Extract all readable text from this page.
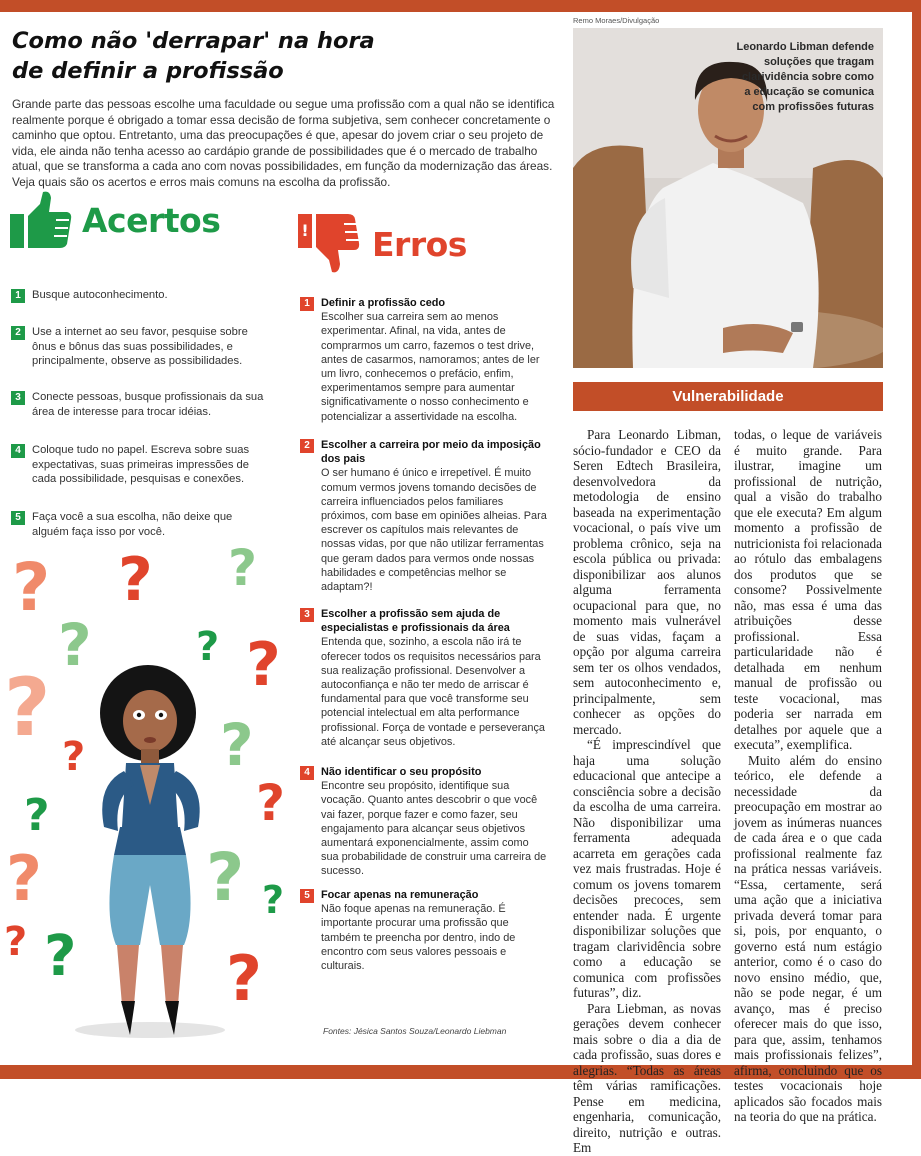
Como não 'derrapar' na hora
de definir a profissão

Grande parte das pessoas escolhe uma faculdade ou segue uma profissão com a qual não se identifica realmente porque é obrigado a tomar essa decisão de forma subjetiva, sem conhecer concretamente o caminho que optou. Entretanto, uma das preocupações é que, apesar do jovem criar o seu projeto de vida, ele ainda não tenha acesso ao cardápio grande de possibilidades que é o mercado de trabalho atual, que se transforma a cada ano com novas possibilidades, em função da modernização das áreas. Veja quais são os acertos e erros mais comuns na escolha da profissão.

Acertos
1	Busque autoconhecimento.
2	Use a internet ao seu favor, pesquise sobre ônus e bônus das suas possibilidades, e principalmente, observe as possibilidades.
3	Conecte pessoas, busque profissionais da sua área de interesse para trocar idéias.
4	Coloque tudo no papel. Escreva sobre suas expectativas, suas primeiras impressões de cada possibilidade, pesquisas e conexões.
5	Faça você a sua escolha, não deixe que alguém faça isso por você.
! Erros
1	Definir a profissão cedo
Escolher sua carreira sem ao menos experimentar. Afinal, na vida, antes de comprarmos um carro, fazemos o test drive, antes de casarmos, namoramos; antes de ler um livro, conhecemos o prefácio, enfim, experimentamos sempre para aumentar significativamente o nosso conhecimento e potencializar a assertividade na escolha.
2	Escolher a carreira por meio da imposição dos pais
O ser humano é único e irrepetível. É muito comum vermos jovens tomando decisões de carreira influenciados pelos familiares próximos, com base em opiniões alheias. Para escrever os capítulos mais relevantes de nossas vidas, por que não utilizar ferramentas que geram dados para vermos onde nossas habilidades e competências melhor se adaptam?!
3	Escolher a profissão sem ajuda de especialistas e profissionais da área
Entenda que, sozinho, a escola não irá te oferecer todos os requisitos necessários para sua realização profissional. Desenvolver a autoconfiança e não ter medo de arriscar é fundamental para que você transforme seu potencial intelectual em alta performance profissional. Força de vontade e perseverança até alcançar seus objetivos.
4	Não identificar o seu propósito
Encontre seu propósito, identifique sua vocação. Quanto antes descobrir o que você vai fazer, porque fazer e como fazer, seu engajamento para alcançar seus objetivos aumentará exponencialmente, assim como sua probabilidade de construir uma carreira de sucesso.
5	Focar apenas na remuneração
Não foque apenas na remuneração. É importante procurar uma profissão que também te preencha por dentro, indo de encontro com seus valores pessoais e culturais.
Fontes: Jésica Santos Souza/Leonardo Liebman
? ? ?
?	? ?
?	?
?
?	?
? ? ?
? ? ?
Remo Moraes/Divulgação

Leonardo Libman defende soluções que tragam clarividência sobre como a educação se comunica com profissões futuras

Vulnerabilidade

Para Leonardo Libman, sócio-fundador e CEO da Seren Edtech Brasileira, desenvolvedora da metodologia de ensino baseada na experimentação vocacional, o país vive um problema crônico, seja na escola pública ou privada: disponibilizar aos alunos alguma ferramenta ocupacional para que, no momento mais vulnerável de suas vidas, façam a opção por alguma carreira sem ter os olhos vendados, sem autoconhecimento e, principalmente, sem conhecer as opções do mercado.

“É imprescindível que haja uma solução educacional que antecipe a consciência sobre a decisão da escolha de uma carreira. Não disponibilizar uma ferramenta adequada acarreta em gerações cada vez mais frustradas. Hoje é comum os jovens tomarem decisões precoces, sem entender nada. É urgente disponibilizar soluções que tragam clarividência sobre como a educação se comunica com profissões futuras”, diz.

Para Liebman, as novas gerações devem conhecer mais sobre o dia a dia de cada profissão, suas dores e alegrias. “Todas as áreas têm várias ramificações. Pense em medicina, engenharia, comunicação, direito, nutrição e outras. Em

todas, o leque de variáveis é muito grande. Para ilustrar, imagine um profissional de nutrição, qual a visão do trabalho que ele executa? Em algum momento a profissão de nutricionista foi relacionada ao rótulo das embalagens dos produtos que se consome? Possivelmente não, mas essa é uma das atribuições desse profissional. Essa particularidade não é detalhada em nenhum manual de profissão ou teste vocacional, mas poderia ser narrada em detalhes por aquele que a executa”, exemplifica.

Muito além do ensino teórico, ele defende a necessidade da preocupação em mostrar ao jovem as inúmeras nuances de cada área e o que cada profissional realmente faz na prática nessas variáveis. “Essa, certamente, será uma ação que a iniciativa privada deverá tomar para si, pois, por enquanto, o governo está num estágio anterior, como é o caso do novo ensino médio, que, não se pode negar, é um avanço, mas é preciso oferecer mais do que isso, para que, assim, tenhamos mais profissionais felizes”, afirma, concluindo que os testes vocacionais hoje aplicados são focados mais na teoria do que na prática.
